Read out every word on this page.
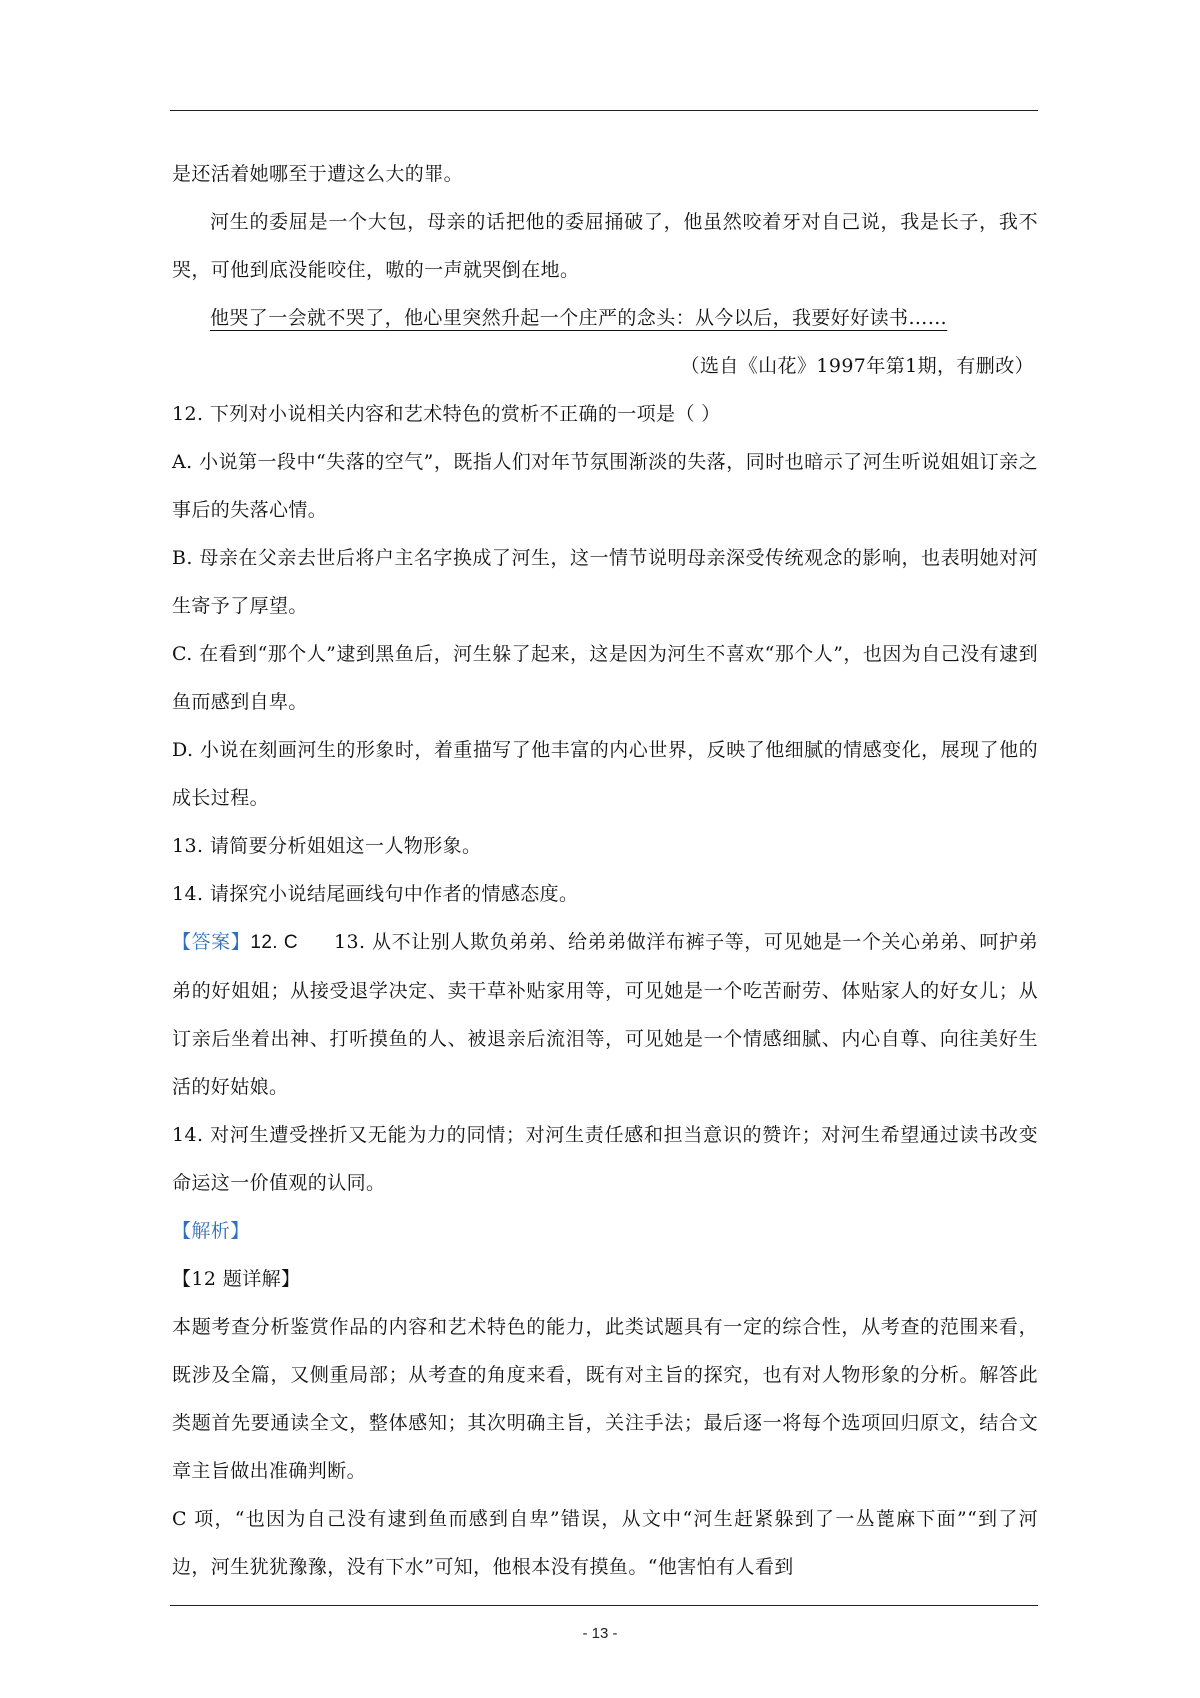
是还活着她哪至于遭这么大的罪。

河生的委屈是一个大包，母亲的话把他的委屈捅破了，他虽然咬着牙对自己说，我是长子，我不哭，可他到底没能咬住，嗷的一声就哭倒在地。

他哭了一会就不哭了，他心里突然升起一个庄严的念头：从今以后，我要好好读书……

（选自《山花》1997年第1期，有删改）

12. 下列对小说相关内容和艺术特色的赏析不正确的一项是（ ）

A. 小说第一段中“失落的空气”，既指人们对年节氛围渐淡的失落，同时也暗示了河生听说姐姐订亲之事后的失落心情。

B. 母亲在父亲去世后将户主名字换成了河生，这一情节说明母亲深受传统观念的影响，也表明她对河生寄予了厚望。

C. 在看到“那个人”逮到黑鱼后，河生躲了起来，这是因为河生不喜欢“那个人”，也因为自己没有逮到鱼而感到自卑。

D. 小说在刻画河生的形象时，着重描写了他丰富的内心世界，反映了他细腻的情感变化，展现了他的成长过程。

13. 请简要分析姐姐这一人物形象。

14. 请探究小说结尾画线句中作者的情感态度。

【答案】12. C 13. 从不让别人欺负弟弟、给弟弟做洋布裤子等，可见她是一个关心弟弟、呵护弟弟的好姐姐；从接受退学决定、卖干草补贴家用等，可见她是一个吃苦耐劳、体贴家人的好女儿；从订亲后坐着出神、打听摸鱼的人、被退亲后流泪等，可见她是一个情感细腻、内心自尊、向往美好生活的好姑娘。

14. 对河生遭受挫折又无能为力的同情；对河生责任感和担当意识的赞许；对河生希望通过读书改变命运这一价值观的认同。

【解析】

【12 题详解】

本题考查分析鉴赏作品的内容和艺术特色的能力，此类试题具有一定的综合性，从考查的范围来看，既涉及全篇，又侧重局部；从考查的角度来看，既有对主旨的探究，也有对人物形象的分析。解答此类题首先要通读全文，整体感知；其次明确主旨，关注手法；最后逐一将每个选项回归原文，结合文章主旨做出准确判断。

C 项，“也因为自己没有逮到鱼而感到自卑”错误，从文中“河生赶紧躲到了一丛蓖麻下面”“到了河边，河生犹犹豫豫，没有下水”可知，他根本没有摸鱼。“他害怕有人看到

- 13 -
